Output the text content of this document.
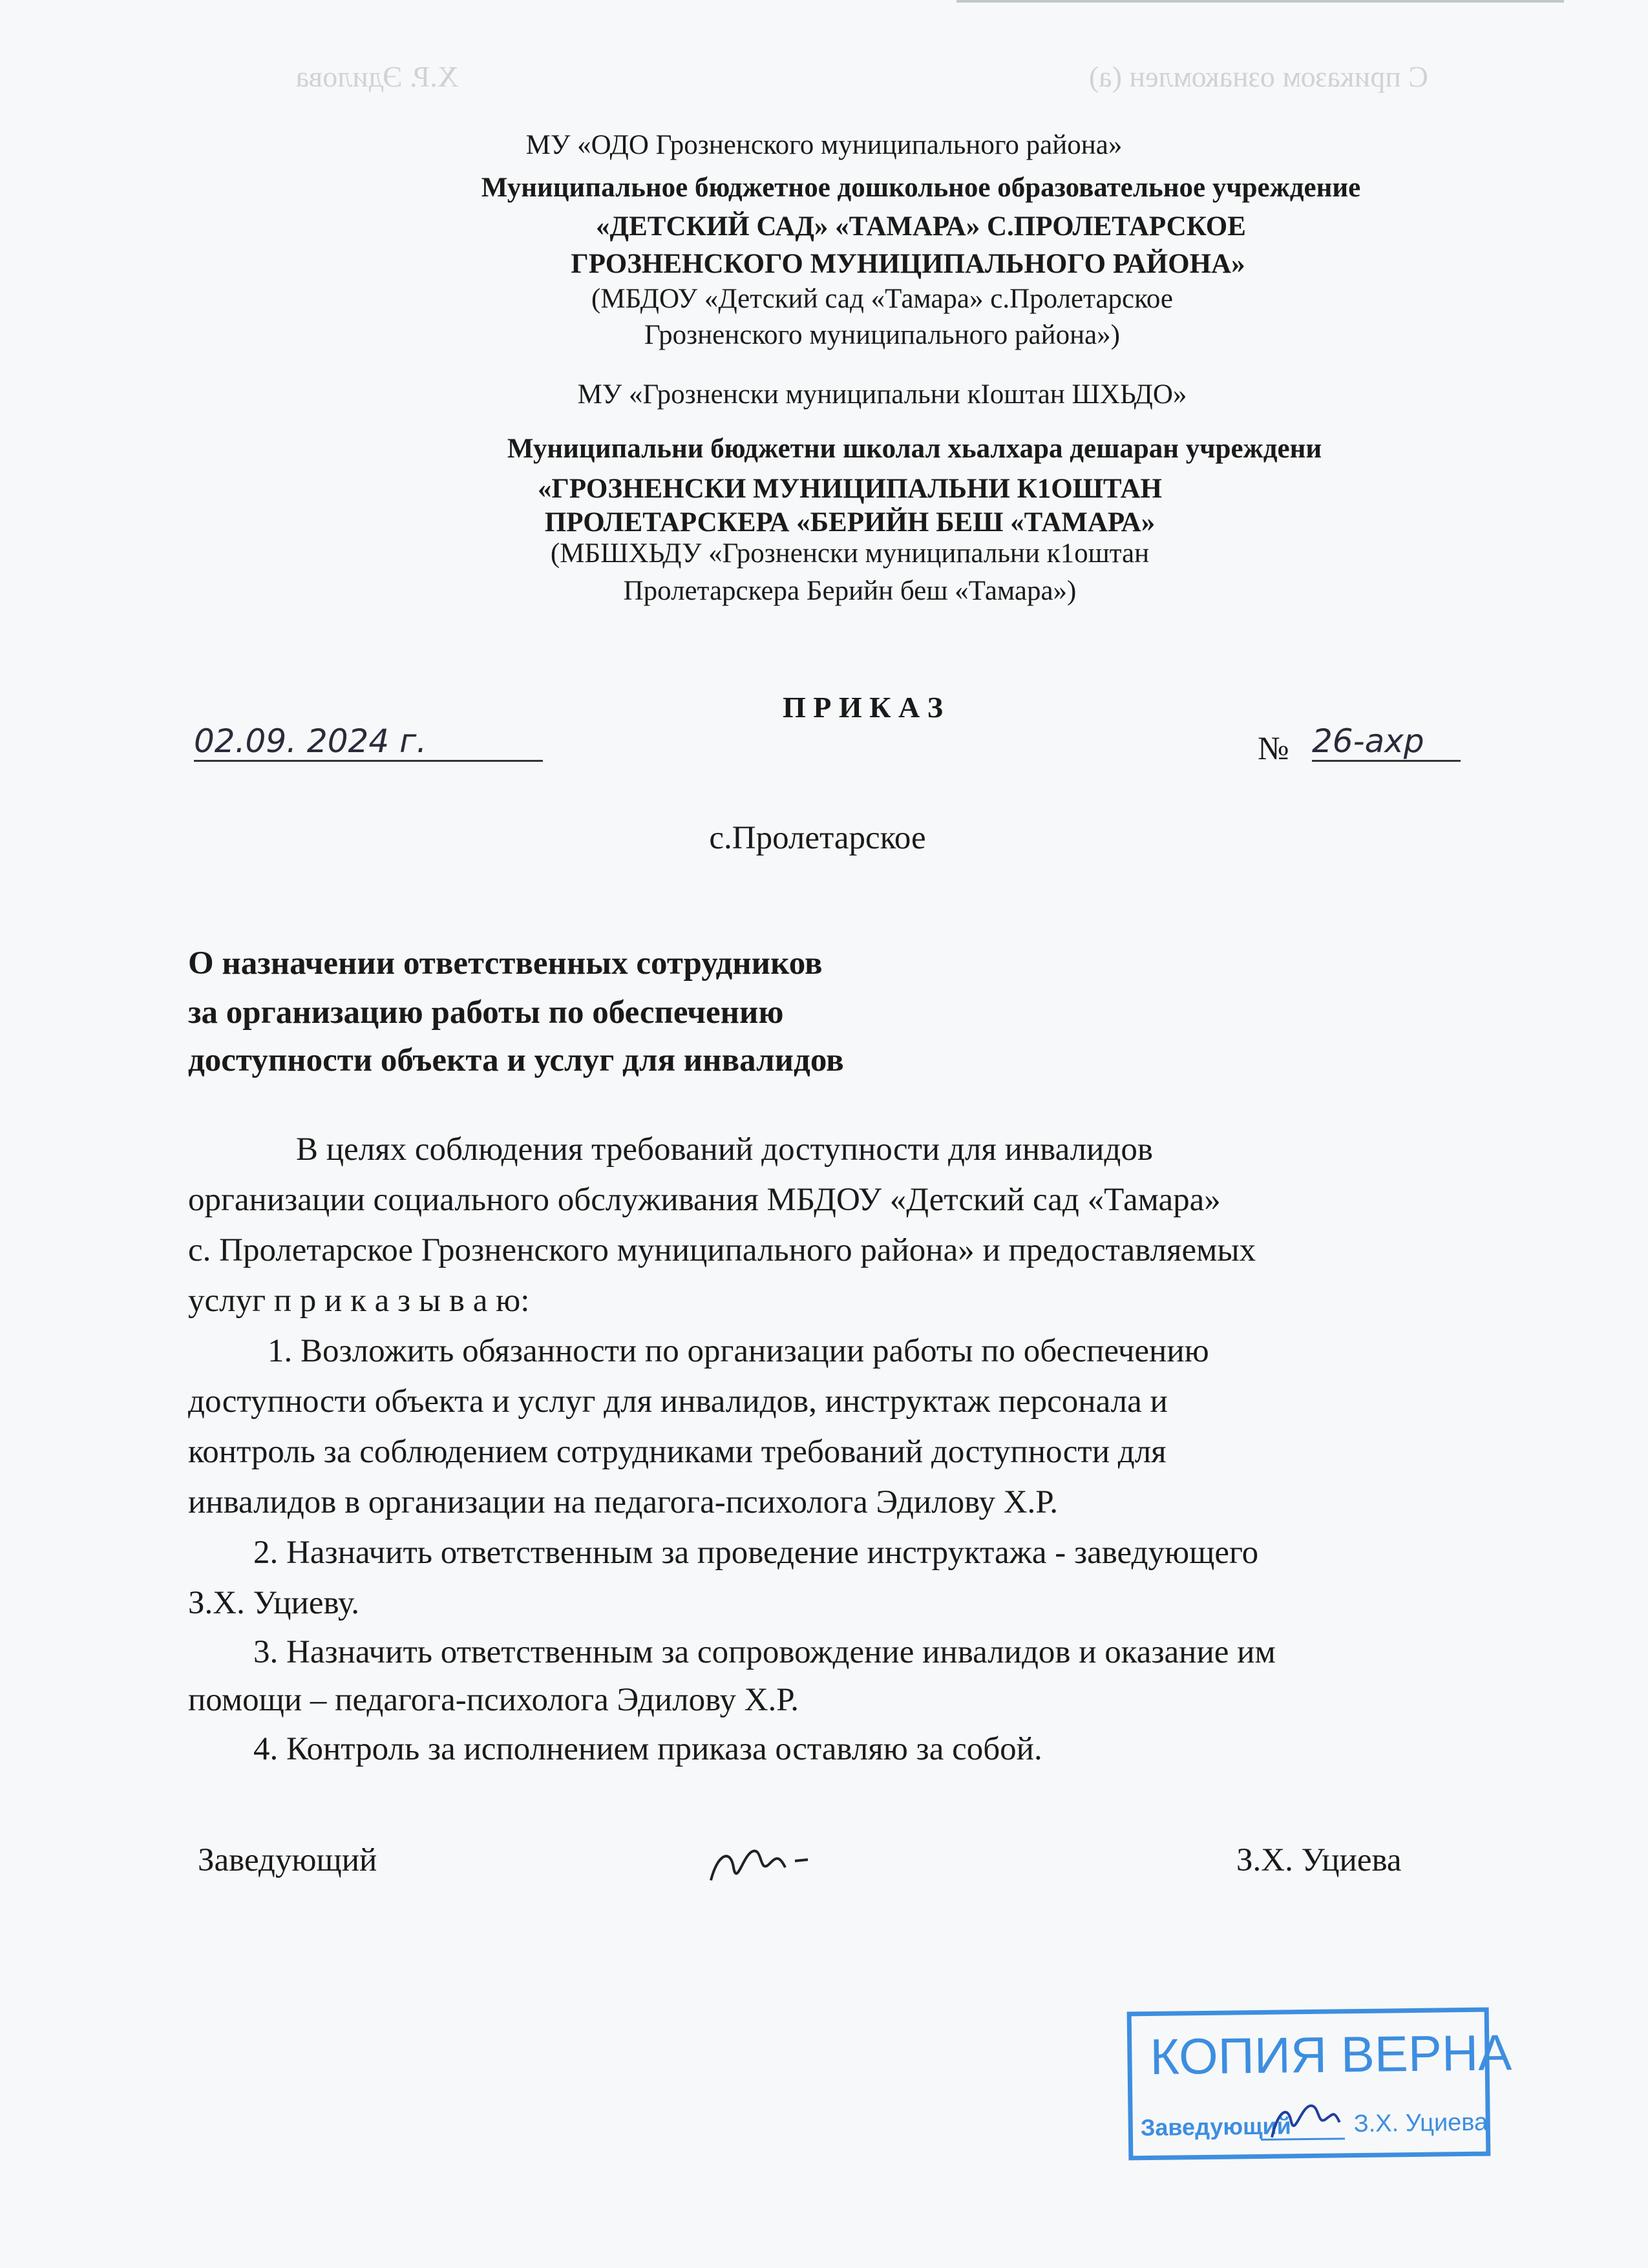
С приказом ознакомлен (а)
Х.Р. Эдилова
МУ «ОДО Грозненского муниципального района»
Муниципальное бюджетное дошкольное образовательное учреждение
«ДЕТСКИЙ САД» «ТАМАРА» С.ПРОЛЕТАРСКОЕ
ГРОЗНЕНСКОГО МУНИЦИПАЛЬНОГО РАЙОНА»
(МБДОУ «Детский сад «Тамара» с.Пролетарское
Грозненского муниципального района»)
МУ «Грозненски муниципальни кIоштан ШХЬДО»
Муниципальни бюджетни школал хьалхара дешаран учреждени
«ГРОЗНЕНСКИ МУНИЦИПАЛЬНИ К1ОШТАН
ПРОЛЕТАРСКЕРА «БЕРИЙН БЕШ «ТАМАРА»
(МБШХЬДУ «Грозненски муниципальни к1оштан
Пролетарскера Берийн беш «Тамара»)
П Р И К А З
02.09. 2024 г.	№ 26-ахр
с.Пролетарское
О назначении ответственных сотрудников
за организацию работы по обеспечению
доступности объекта и услуг для инвалидов
В целях соблюдения требований доступности для инвалидов
организации социального обслуживания МБДОУ «Детский сад «Тамара»
с. Пролетарское Грозненского муниципального района» и предоставляемых
услуг п р и к а з ы в а ю:
1. Возложить обязанности по организации работы по обеспечению
доступности объекта и услуг для инвалидов, инструктаж персонала и
контроль за соблюдением сотрудниками требований доступности для
инвалидов в организации на педагога-психолога Эдилову Х.Р.
2. Назначить ответственным за проведение инструктажа - заведующего
З.Х. Уциеву.
3. Назначить ответственным за сопровождение инвалидов и оказание им
помощи – педагога-психолога Эдилову Х.Р.
4. Контроль за исполнением приказа оставляю за собой.
Заведующий	З.Х. Уциева
КОПИЯ ВЕРНА
Заведующий	З.Х. Уциева
